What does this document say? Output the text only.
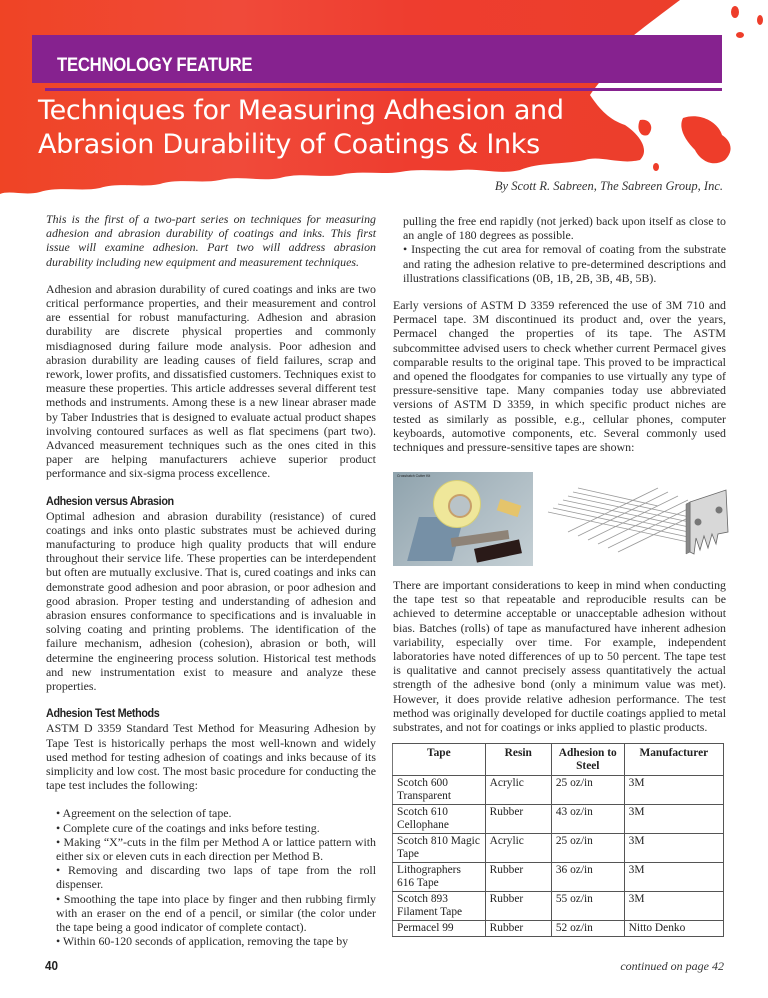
TECHNOLOGY FEATURE
Techniques for Measuring Adhesion and
Abrasion Durability of Coatings & Inks
By Scott R. Sabreen, The Sabreen Group, Inc.

This is the first of a two-part series on techniques for measuring adhesion and abrasion durability of coatings and inks. This first issue will examine adhesion. Part two will address abrasion durability including new equipment and measurement techniques.

Adhesion and abrasion durability of cured coatings and inks are two critical performance properties, and their measurement and control are essential for robust manufacturing. Adhesion and abrasion durability are discrete physical properties and commonly misdiagnosed during failure mode analysis. Poor adhesion and abrasion durability are leading causes of field failures, scrap and rework, lower profits, and dissatisfied customers. Techniques exist to measure these properties. This article addresses several different test methods and instruments. Among these is a new linear abraser made by Taber Industries that is designed to evaluate actual product shapes involving contoured surfaces as well as flat specimens (part two). Advanced measurement techniques such as the ones cited in this paper are helping manufacturers achieve superior product performance and six-sigma process excellence.

Adhesion versus Abrasion

Optimal adhesion and abrasion durability (resistance) of cured coatings and inks onto plastic substrates must be achieved during manufacturing to produce high quality products that will endure throughout their service life. These properties can be interdependent but often are mutually exclusive. That is, cured coatings and inks can demonstrate good adhesion and poor abrasion, or poor adhesion and good abrasion. Proper testing and understanding of adhesion and abrasion ensures conformance to specifications and is invaluable in solving coating and printing problems. The identification of the failure mechanism, adhesion (cohesion), abrasion or both, will determine the engineering process solution. Historical test methods and new instrumentation exist to measure and analyze these properties.

Adhesion Test Methods

ASTM D 3359 Standard Test Method for Measuring Adhesion by Tape Test is historically perhaps the most well-known and widely used method for testing adhesion of coatings and inks because of its simplicity and low cost. The most basic procedure for conducting the tape test includes the following:

• Agreement on the selection of tape.
• Complete cure of the coatings and inks before testing.
• Making “X”-cuts in the film per Method A or lattice pattern with either six or eleven cuts in each direction per Method B.
• Removing and discarding two laps of tape from the roll dispenser.
• Smoothing the tape into place by finger and then rubbing firmly with an eraser on the end of a pencil, or similar (the color under the tape being a good indicator of complete contact).
• Within 60-120 seconds of application, removing the tape by

pulling the free end rapidly (not jerked) back upon itself as close to an angle of 180 degrees as possible.

• Inspecting the cut area for removal of coating from the substrate and rating the adhesion relative to pre-determined descriptions and illustrations classifications (0B, 1B, 2B, 3B, 4B, 5B).

Early versions of ASTM D 3359 referenced the use of 3M 710 and Permacel tape. 3M discontinued its product and, over the years, Permacel changed the properties of its tape. The ASTM subcommittee advised users to check whether current Permacel gives comparable results to the original tape. This proved to be impractical and opened the floodgates for companies to use virtually any type of pressure-sensitive tape. Many companies today use abbreviated versions of ASTM D 3359, in which specific product niches are tested as similarly as possible, e.g., cellular phones, computer keyboards, automotive components, etc. Several commonly used techniques and pressure-sensitive tapes are shown:

Crosshatch Cutter Kit

There are important considerations to keep in mind when conducting the tape test so that repeatable and reproducible results can be achieved to determine acceptable or unacceptable adhesion without bias. Batches (rolls) of tape as manufactured have inherent adhesion variability, especially over time. For example, independent laboratories have noted differences of up to 50 percent. The tape test is qualitative and cannot precisely assess quantitatively the actual strength of the adhesive bond (only a minimum value was met). However, it does provide relative adhesion performance. The test method was originally developed for ductile coatings applied to metal substrates, and not for coatings or inks applied to plastic products.

Tape	Resin	Adhesion to Steel	Manufacturer
Scotch 600 Transparent	Acrylic	25 oz/in	3M
Scotch 610 Cellophane	Rubber	43 oz/in	3M
Scotch 810 Magic Tape	Acrylic	25 oz/in	3M
Lithographers 616 Tape	Rubber	36 oz/in	3M
Scotch 893 Filament Tape	Rubber	55 oz/in	3M
Permacel 99	Rubber	52 oz/in	Nitto Denko
40	continued on page 42
